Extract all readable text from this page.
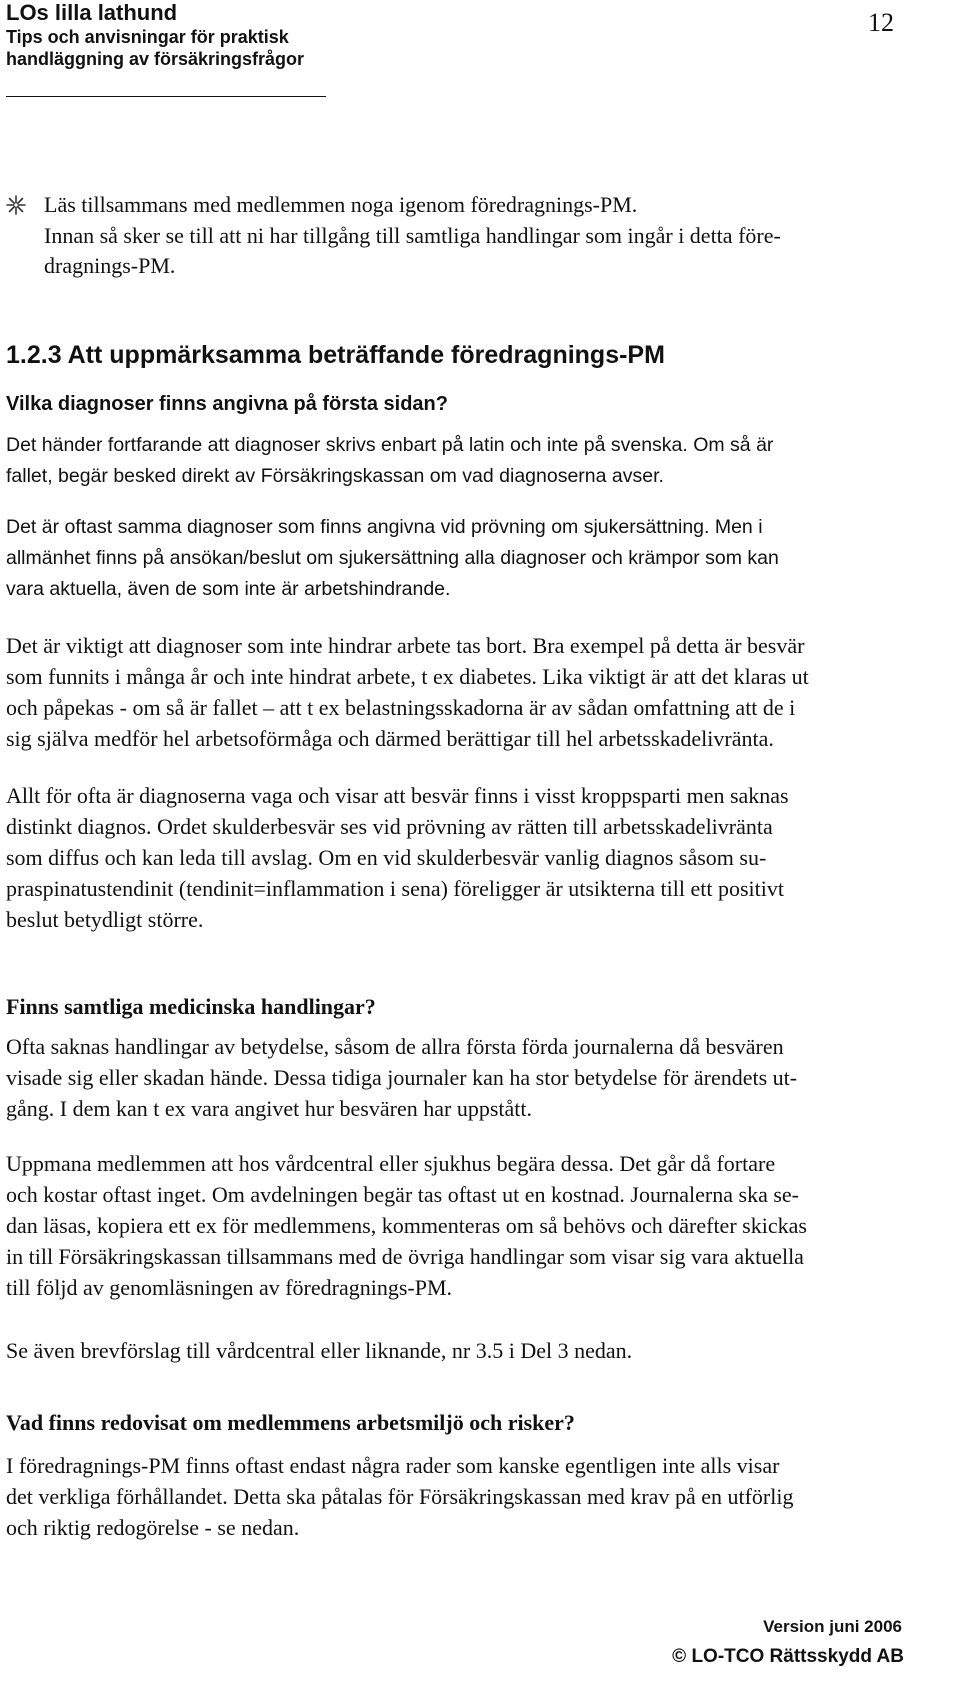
LOs lilla lathund
Tips och anvisningar för praktisk
handläggning av försäkringsfrågor
12
Läs tillsammans med medlemmen noga igenom föredragnings-PM.
Innan så sker se till att ni har tillgång till samtliga handlingar som ingår i detta före-
dragnings-PM.
1.2.3 Att uppmärksamma beträffande föredragnings-PM
Vilka diagnoser finns angivna på första sidan?
Det händer fortfarande att diagnoser skrivs enbart på latin och inte på svenska. Om så är
fallet, begär besked direkt av Försäkringskassan om vad diagnoserna avser.
Det är oftast samma diagnoser som finns angivna vid prövning om sjukersättning. Men i
allmänhet finns på ansökan/beslut om sjukersättning alla diagnoser och krämpor som kan
vara aktuella, även de som inte är arbetshindrande.
Det är viktigt att diagnoser som inte hindrar arbete tas bort. Bra exempel på detta är besvär
som funnits i många år och inte hindrat arbete, t ex diabetes. Lika viktigt är att det klaras ut
och påpekas - om så är fallet – att t ex belastningsskadorna är av sådan omfattning att de i
sig själva medför hel arbetsoförmåga och därmed berättigar till hel arbetsskadelivränta.
Allt för ofta är diagnoserna vaga och visar att besvär finns i visst kroppsparti men saknas
distinkt diagnos. Ordet skulderbesvär ses vid prövning av rätten till arbetsskadelivränta
som diffus och kan leda till avslag. Om en vid skulderbesvär vanlig diagnos såsom su-
praspinatustendinit (tendinit=inflammation i sena) föreligger är utsikterna till ett positivt
beslut betydligt större.
Finns samtliga medicinska handlingar?
Ofta saknas handlingar av betydelse, såsom de allra första förda journalerna då besvären
visade sig eller skadan hände. Dessa tidiga journaler kan ha stor betydelse för ärendets ut-
gång. I dem kan t ex vara angivet hur besvären har uppstått.
Uppmana medlemmen att hos vårdcentral eller sjukhus begära dessa. Det går då fortare
och kostar oftast inget. Om avdelningen begär tas oftast ut en kostnad. Journalerna ska se-
dan läsas, kopiera ett ex för medlemmens, kommenteras om så behövs och därefter skickas
in till Försäkringskassan tillsammans med de övriga handlingar som visar sig vara aktuella
till följd av genomläsningen av föredragnings-PM.
Se även brevförslag till vårdcentral eller liknande, nr 3.5 i Del 3 nedan.
Vad finns redovisat om medlemmens arbetsmiljö och risker?
I föredragnings-PM finns oftast endast några rader som kanske egentligen inte alls visar
det verkliga förhållandet. Detta ska påtalas för Försäkringskassan med krav på en utförlig
och riktig redogörelse - se nedan.
Version juni 2006
© LO-TCO Rättsskydd AB
